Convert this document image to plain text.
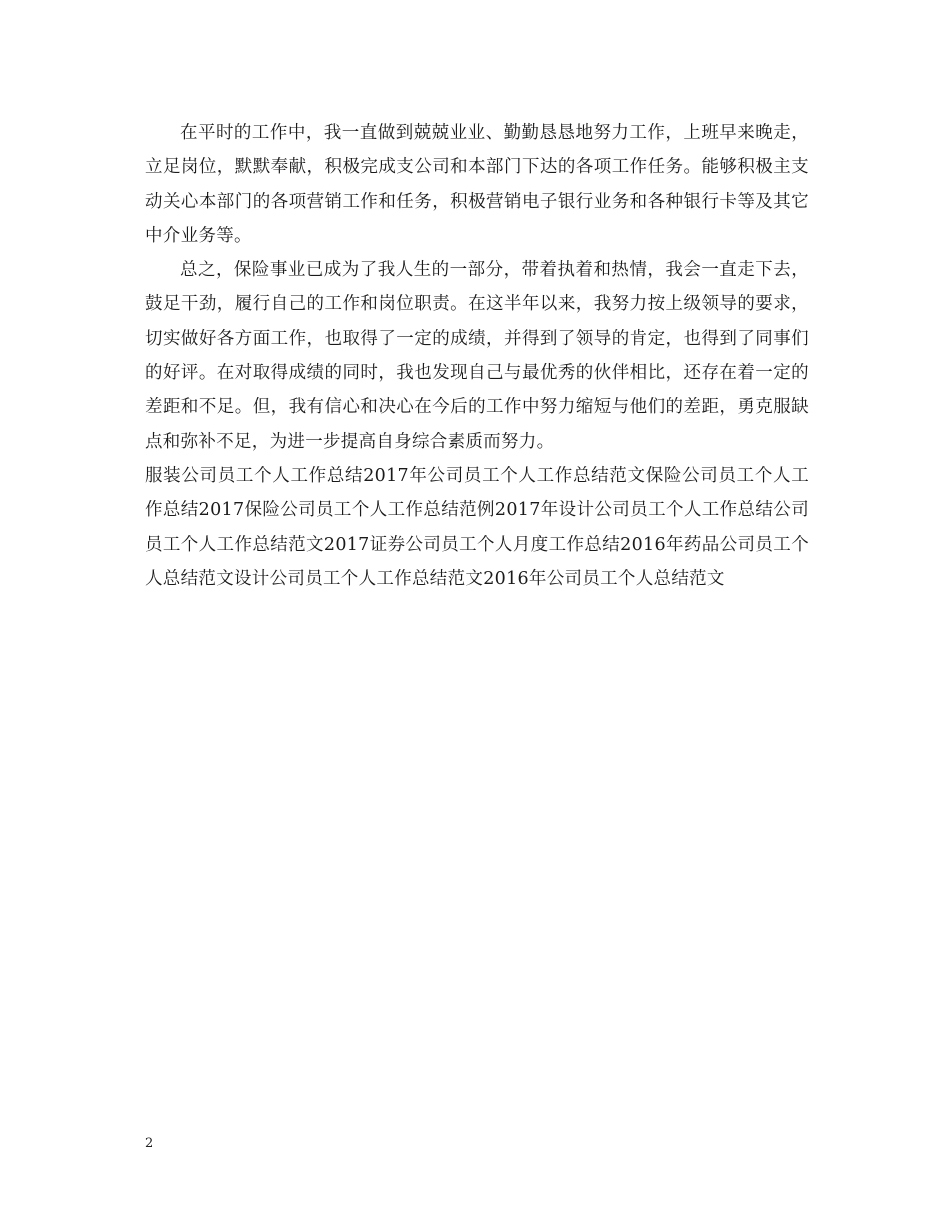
在平时的工作中，我一直做到兢兢业业、勤勤恳恳地努力工作，上班早来晚走，立足岗位，默默奉献，积极完成支公司和本部门下达的各项工作任务。能够积极主支动关心本部门的各项营销工作和任务，积极营销电子银行业务和各种银行卡等及其它中介业务等。

总之，保险事业已成为了我人生的一部分，带着执着和热情，我会一直走下去，鼓足干劲，履行自己的工作和岗位职责。在这半年以来，我努力按上级领导的要求，切实做好各方面工作，也取得了一定的成绩，并得到了领导的肯定，也得到了同事们的好评。在对取得成绩的同时，我也发现自己与最优秀的伙伴相比，还存在着一定的差距和不足。但，我有信心和决心在今后的工作中努力缩短与他们的差距，勇克服缺点和弥补不足，为进一步提高自身综合素质而努力。

服装公司员工个人工作总结2017年公司员工个人工作总结范文保险公司员工个人工作总结2017保险公司员工个人工作总结范例2017年设计公司员工个人工作总结公司员工个人工作总结范文2017证券公司员工个人月度工作总结2016年药品公司员工个人总结范文设计公司员工个人工作总结范文2016年公司员工个人总结范文

2
